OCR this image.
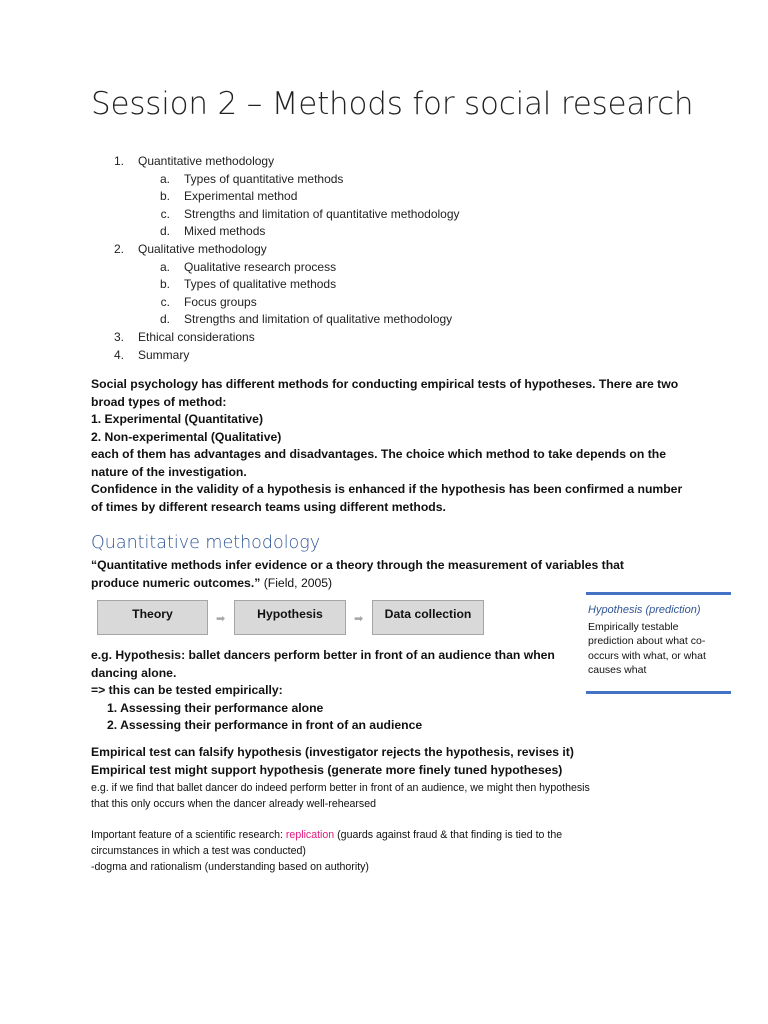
Session 2 – Methods for social research
1. Quantitative methodology
a. Types of quantitative methods
b. Experimental method
c. Strengths and limitation of quantitative methodology
d. Mixed methods
2. Qualitative methodology
a. Qualitative research process
b. Types of qualitative methods
c. Focus groups
d. Strengths and limitation of qualitative methodology
3. Ethical considerations
4. Summary
Social psychology has different methods for conducting empirical tests of hypotheses. There are two
broad types of method:
1. Experimental (Quantitative)
2. Non-experimental (Qualitative)
each of them has advantages and disadvantages. The choice which method to take depends on the
nature of the investigation.
Confidence in the validity of a hypothesis is enhanced if the hypothesis has been confirmed a number
of times by different research teams using different methods.
Quantitative methodology
“Quantitative methods infer evidence or a theory through the measurement of variables that
produce numeric outcomes.” (Field, 2005)
Theory	➡	Hypothesis	➡	Data collection	Hypothesis (prediction)
Empirically testable
prediction about what co-
occurs with what, or what
causes what
e.g. Hypothesis: ballet dancers perform better in front of an audience than when
dancing alone.
=> this can be tested empirically:
1. Assessing their performance alone
2. Assessing their performance in front of an audience
Empirical test can falsify hypothesis (investigator rejects the hypothesis, revises it)
Empirical test might support hypothesis (generate more finely tuned hypotheses)
e.g. if we find that ballet dancer do indeed perform better in front of an audience, we might then hypothesis
that this only occurs when the dancer already well-rehearsed
Important feature of a scientific research: replication (guards against fraud & that finding is tied to the
circumstances in which a test was conducted)
-dogma and rationalism (understanding based on authority)
